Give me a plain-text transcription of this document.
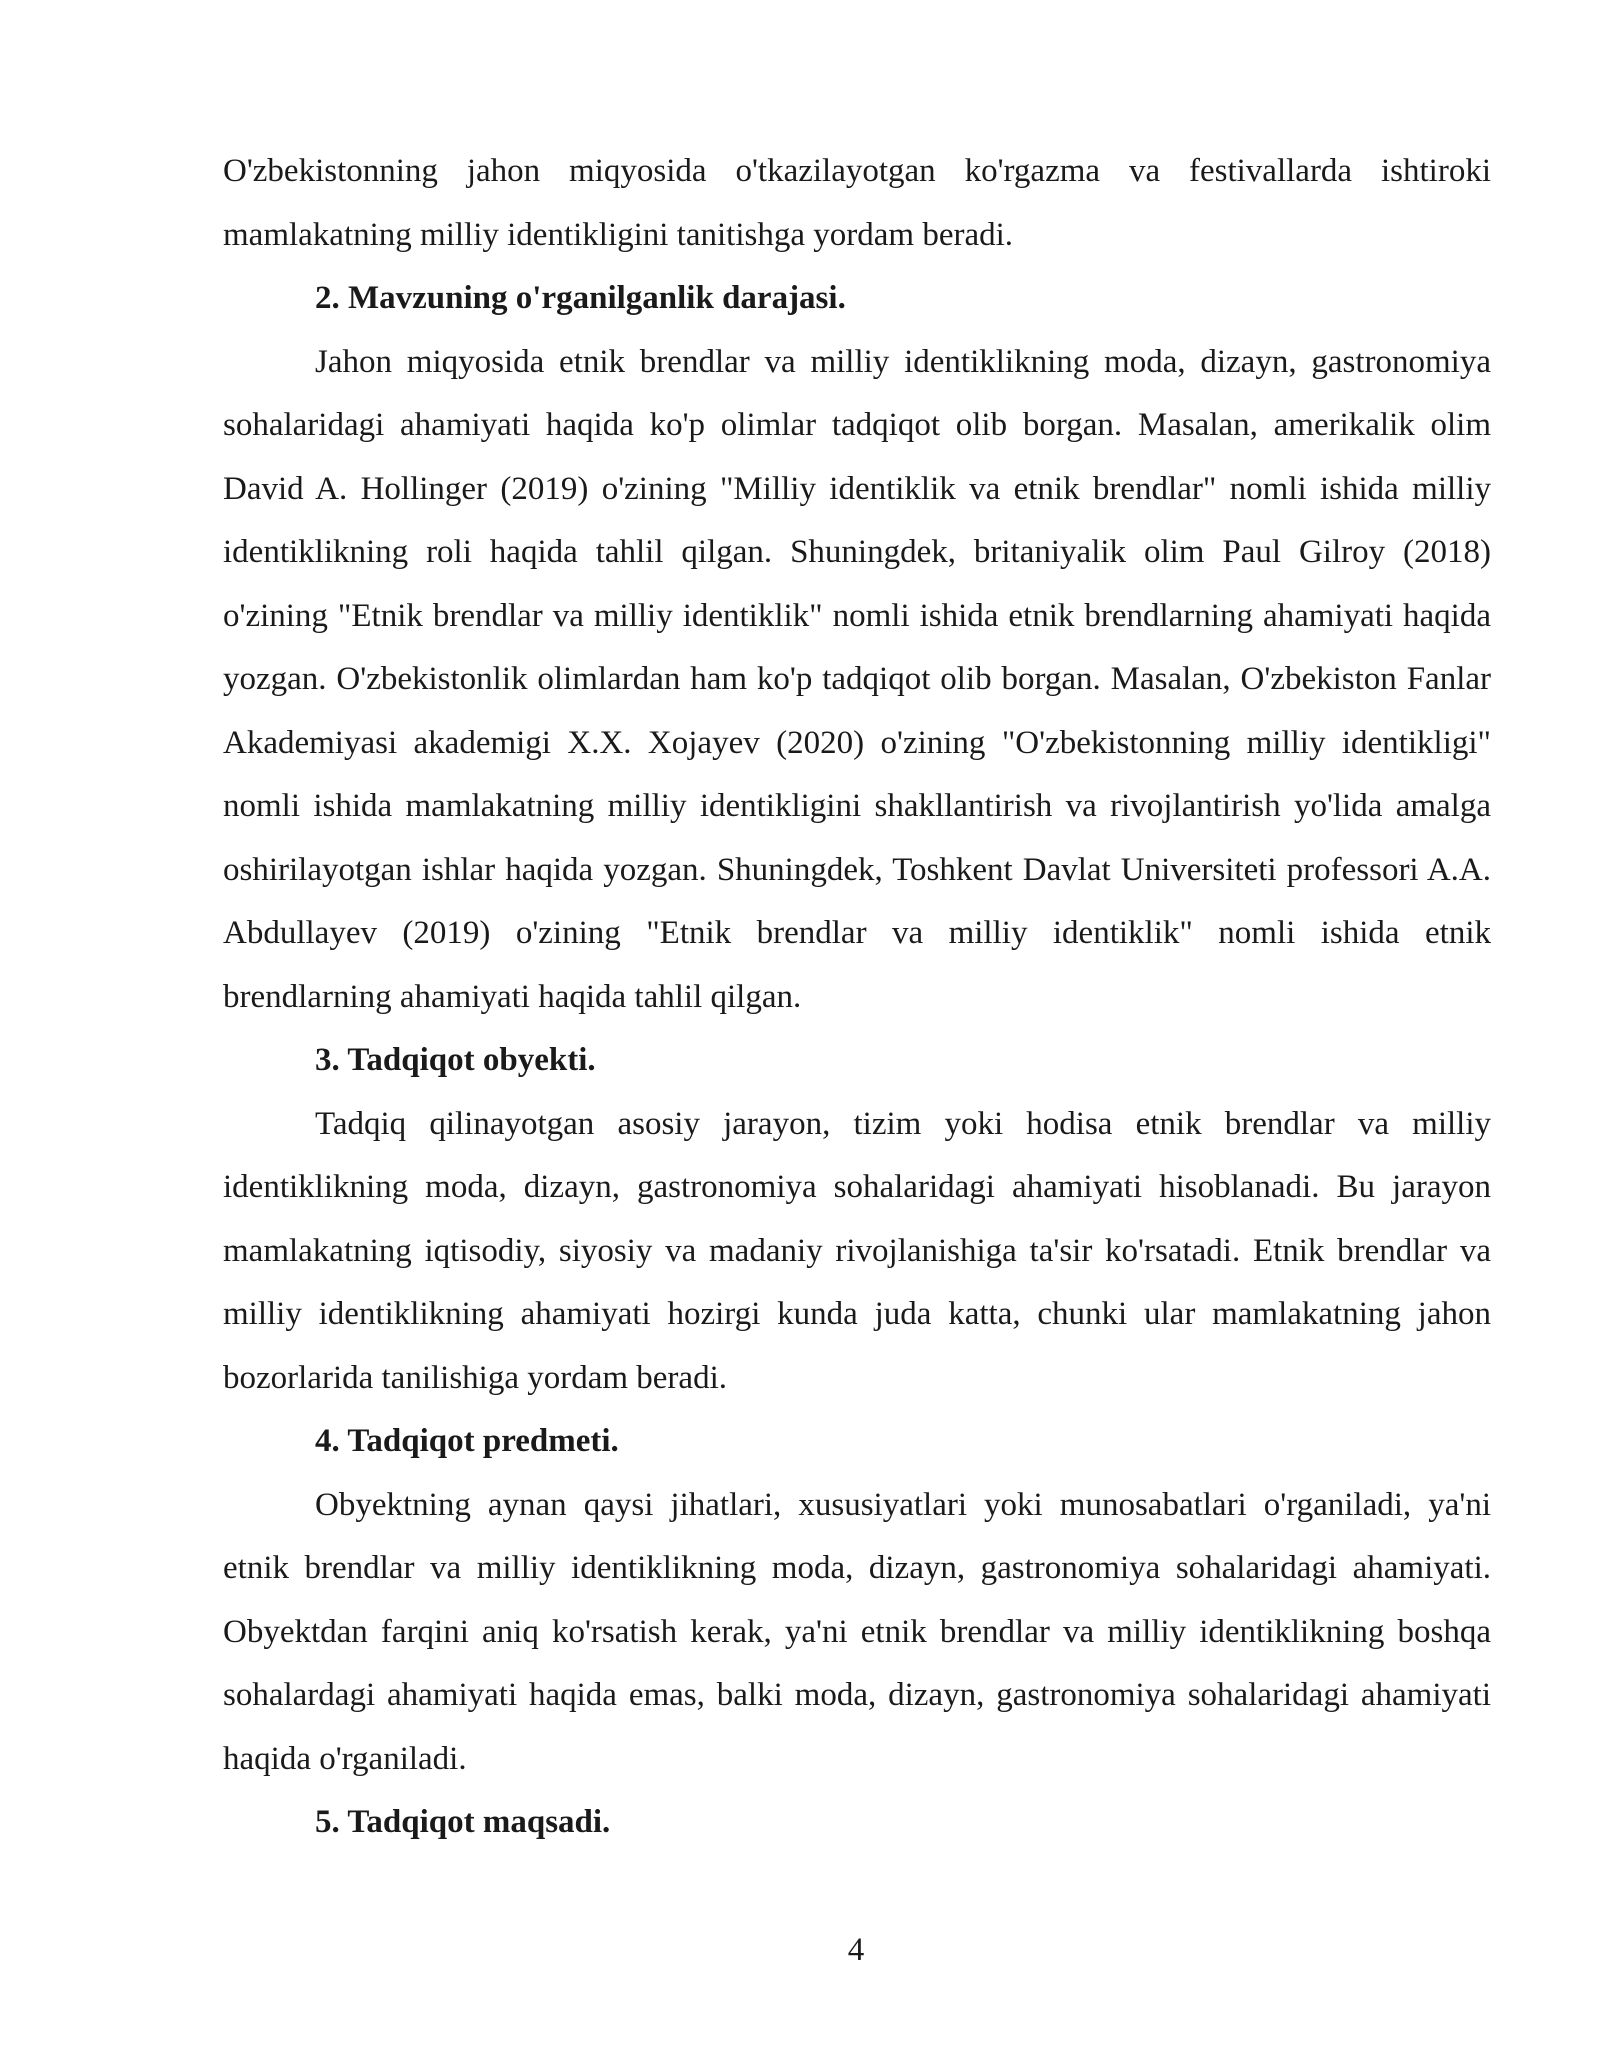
O'zbekistonning jahon miqyosida o'tkazilayotgan ko'rgazma va festivallarda ishtiroki mamlakatning milliy identikligini tanitishga yordam beradi.

2. Mavzuning o'rganilganlik darajasi.

Jahon miqyosida etnik brendlar va milliy identiklikning moda, dizayn, gastronomiya sohalaridagi ahamiyati haqida ko'p olimlar tadqiqot olib borgan. Masalan, amerikalik olim David A. Hollinger (2019) o'zining "Milliy identiklik va etnik brendlar" nomli ishida milliy identiklikning roli haqida tahlil qilgan. Shuningdek, britaniyalik olim Paul Gilroy (2018) o'zining "Etnik brendlar va milliy identiklik" nomli ishida etnik brendlarning ahamiyati haqida yozgan. O'zbekistonlik olimlardan ham ko'p tadqiqot olib borgan. Masalan, O'zbekiston Fanlar Akademiyasi akademigi X.X. Xojayev (2020) o'zining "O'zbekistonning milliy identikligi" nomli ishida mamlakatning milliy identikligini shakllantirish va rivojlantirish yo'lida amalga oshirilayotgan ishlar haqida yozgan. Shuningdek, Toshkent Davlat Universiteti professori A.A. Abdullayev (2019) o'zining "Etnik brendlar va milliy identiklik" nomli ishida etnik brendlarning ahamiyati haqida tahlil qilgan.

3. Tadqiqot obyekti.

Tadqiq qilinayotgan asosiy jarayon, tizim yoki hodisa etnik brendlar va milliy identiklikning moda, dizayn, gastronomiya sohalaridagi ahamiyati hisoblanadi. Bu jarayon mamlakatning iqtisodiy, siyosiy va madaniy rivojlanishiga ta'sir ko'rsatadi. Etnik brendlar va milliy identiklikning ahamiyati hozirgi kunda juda katta, chunki ular mamlakatning jahon bozorlarida tanilishiga yordam beradi.

4. Tadqiqot predmeti.

Obyektning aynan qaysi jihatlari, xususiyatlari yoki munosabatlari o'rganiladi, ya'ni etnik brendlar va milliy identiklikning moda, dizayn, gastronomiya sohalaridagi ahamiyati. Obyektdan farqini aniq ko'rsatish kerak, ya'ni etnik brendlar va milliy identiklikning boshqa sohalardagi ahamiyati haqida emas, balki moda, dizayn, gastronomiya sohalaridagi ahamiyati haqida o'rganiladi.

5. Tadqiqot maqsadi.

4
